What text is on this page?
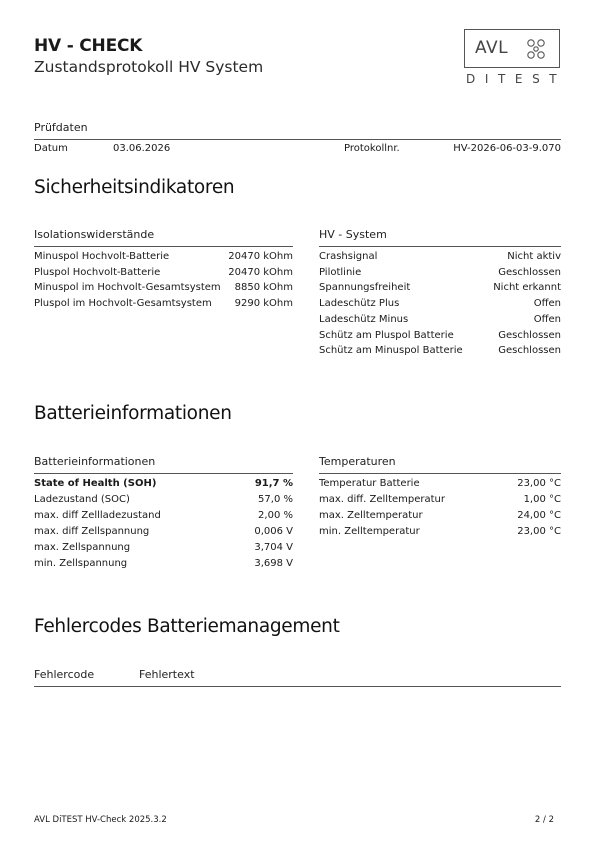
HV - CHECK
Zustandsprotokoll HV System
AVL
DITEST
Prüfdaten
Datum	03.06.2026	Protokollnr.	HV-2026-06-03-9.070
Sicherheitsindikatoren
Isolationswiderstände
Minuspol Hochvolt-Batterie	20470 kOhm
Pluspol Hochvolt-Batterie	20470 kOhm
Minuspol im Hochvolt-Gesamtsystem 8850 kOhm
Pluspol im Hochvolt-Gesamtsystem 9290 kOhm
HV - System
Crashsignal	Nicht aktiv
Pilotlinie	Geschlossen
Spannungsfreiheit	Nicht erkannt
Ladeschütz Plus	Offen
Ladeschütz Minus	Offen
Schütz am Pluspol Batterie	Geschlossen
Schütz am Minuspol Batterie	Geschlossen
Batterieinformationen
Batterieinformationen
State of Health (SOH)	91,7 %
Ladezustand (SOC)	57,0 %
max. diff Zellladezustand	2,00 %
max. diff Zellspannung	0,006 V
max. Zellspannung	3,704 V
min. Zellspannung	3,698 V
Temperaturen
Temperatur Batterie	23,00 °C
max. diff. Zelltemperatur	1,00 °C
max. Zelltemperatur	24,00 °C
min. Zelltemperatur	23,00 °C
Fehlercodes Batteriemanagement
Fehlercode	Fehlertext
AVL DiTEST HV-Check 2025.3.2	2 / 2
